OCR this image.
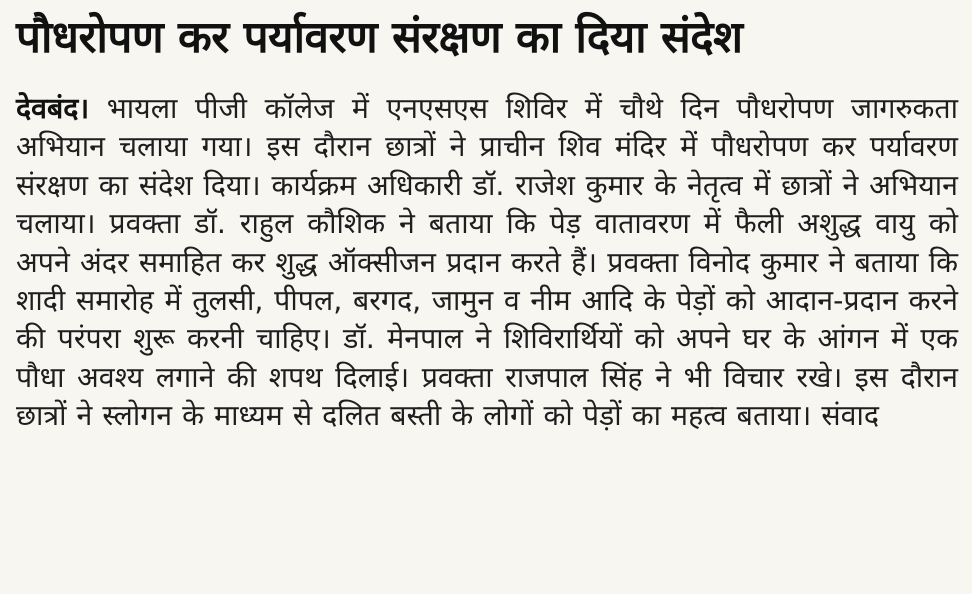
पौधरोपण कर पर्यावरण संरक्षण का दिया संदेश

देवबंद। भायला पीजी कॉलेज में एनएसएस शिविर में चौथे दिन पौधरोपण जागरुकता अभियान चलाया गया। इस दौरान छात्रों ने प्राचीन शिव मंदिर में पौधरोपण कर पर्यावरण संरक्षण का संदेश दिया। कार्यक्रम अधिकारी डॉ. राजेश कुमार के नेतृत्व में छात्रों ने अभियान चलाया। प्रवक्ता डॉ. राहुल कौशिक ने बताया कि पेड़ वातावरण में फैली अशुद्ध वायु को अपने अंदर समाहित कर शुद्ध ऑक्सीजन प्रदान करते हैं। प्रवक्ता विनोद कुमार ने बताया कि शादी समारोह में तुलसी, पीपल, बरगद, जामुन व नीम आदि के पेड़ों को आदान-प्रदान करने की परंपरा शुरू करनी चाहिए। डॉ. मेनपाल ने शिविरार्थियों को अपने घर के आंगन में एक पौधा अवश्य लगाने की शपथ दिलाई। प्रवक्ता राजपाल सिंह ने भी विचार रखे। इस दौरान छात्रों ने स्लोगन के माध्यम से दलित बस्ती के लोगों को पेड़ों का महत्व बताया। संवाद
